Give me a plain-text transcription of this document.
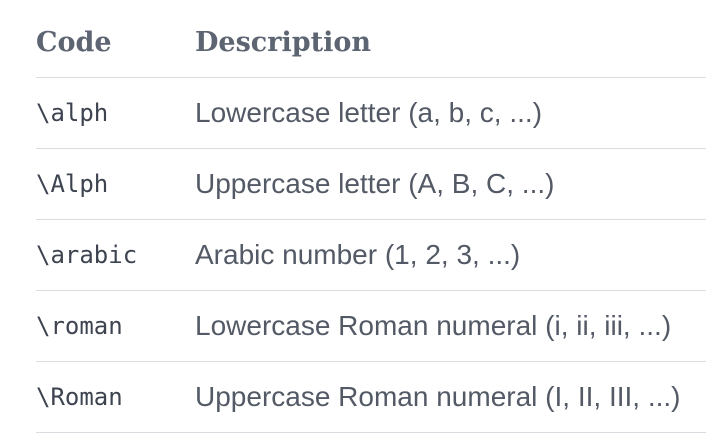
Code	Description
\alph	Lowercase letter (a, b, c, ...)
\Alph	Uppercase letter (A, B, C, ...)
\arabic	Arabic number (1, 2, 3, ...)
\roman	Lowercase Roman numeral (i, ii, iii, ...)
\Roman	Uppercase Roman numeral (I, II, III, ...)
